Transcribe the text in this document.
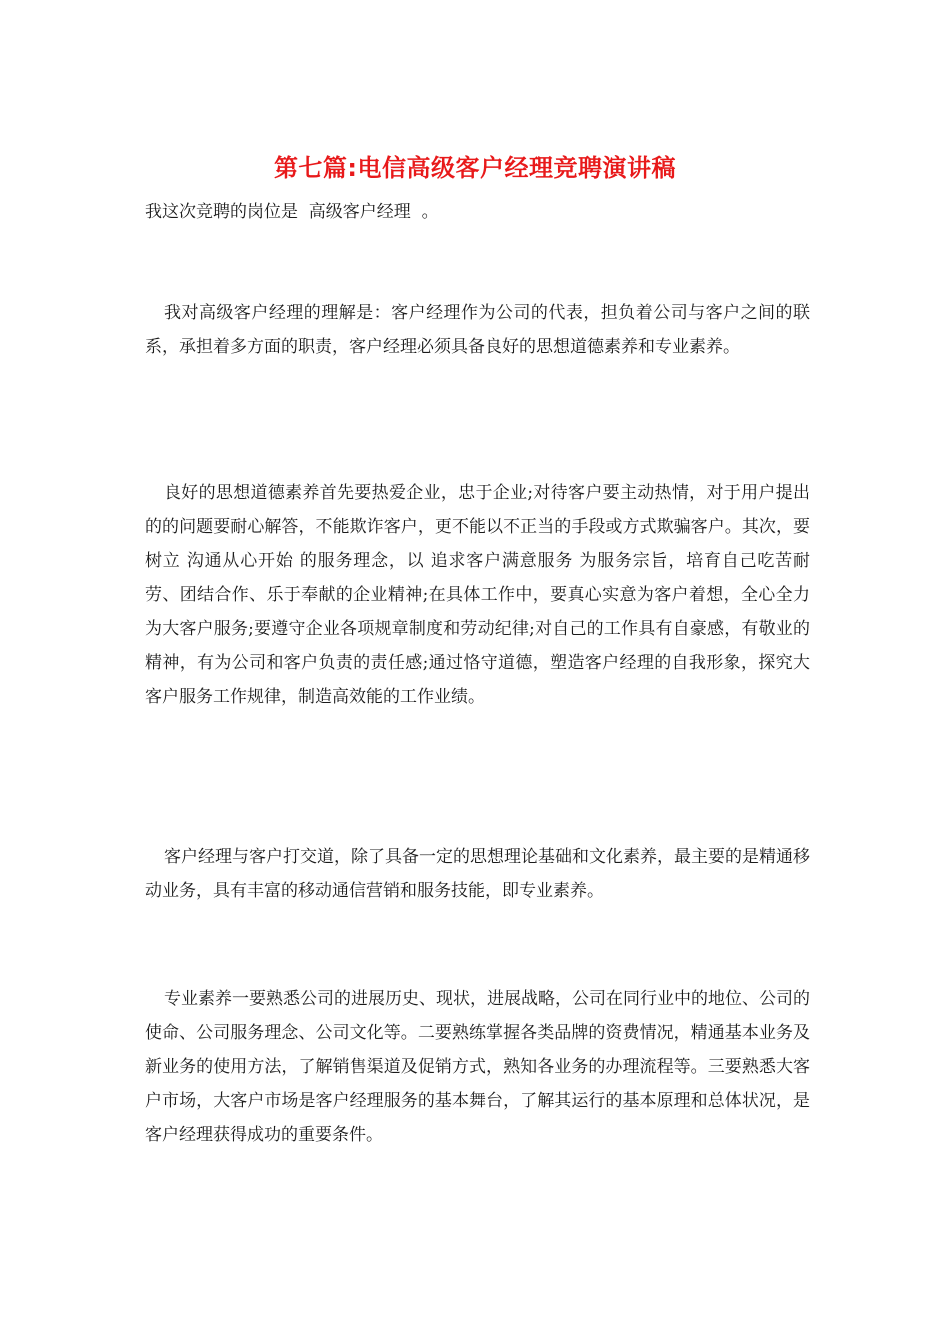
第七篇:电信高级客户经理竞聘演讲稿
我这次竞聘的岗位是  高级客户经理  。
我对高级客户经理的理解是：客户经理作为公司的代表，担负着公司与客户之间的联系，承担着多方面的职责，客户经理必须具备良好的思想道德素养和专业素养。
良好的思想道德素养首先要热爱企业，忠于企业;对待客户要主动热情，对于用户提出的的问题要耐心解答，不能欺诈客户，更不能以不正当的手段或方式欺骗客户。其次，要树立 沟通从心开始 的服务理念，以 追求客户满意服务 为服务宗旨，培育自己吃苦耐劳、团结合作、乐于奉献的企业精神;在具体工作中，要真心实意为客户着想，全心全力为大客户服务;要遵守企业各项规章制度和劳动纪律;对自己的工作具有自豪感，有敬业的精神，有为公司和客户负责的责任感;通过恪守道德，塑造客户经理的自我形象，探究大客户服务工作规律，制造高效能的工作业绩。
客户经理与客户打交道，除了具备一定的思想理论基础和文化素养，最主要的是精通移动业务，具有丰富的移动通信营销和服务技能，即专业素养。
专业素养一要熟悉公司的进展历史、现状，进展战略，公司在同行业中的地位、公司的使命、公司服务理念、公司文化等。二要熟练掌握各类品牌的资费情况，精通基本业务及新业务的使用方法，了解销售渠道及促销方式，熟知各业务的办理流程等。三要熟悉大客户市场，大客户市场是客户经理服务的基本舞台，了解其运行的基本原理和总体状况，是客户经理获得成功的重要条件。
